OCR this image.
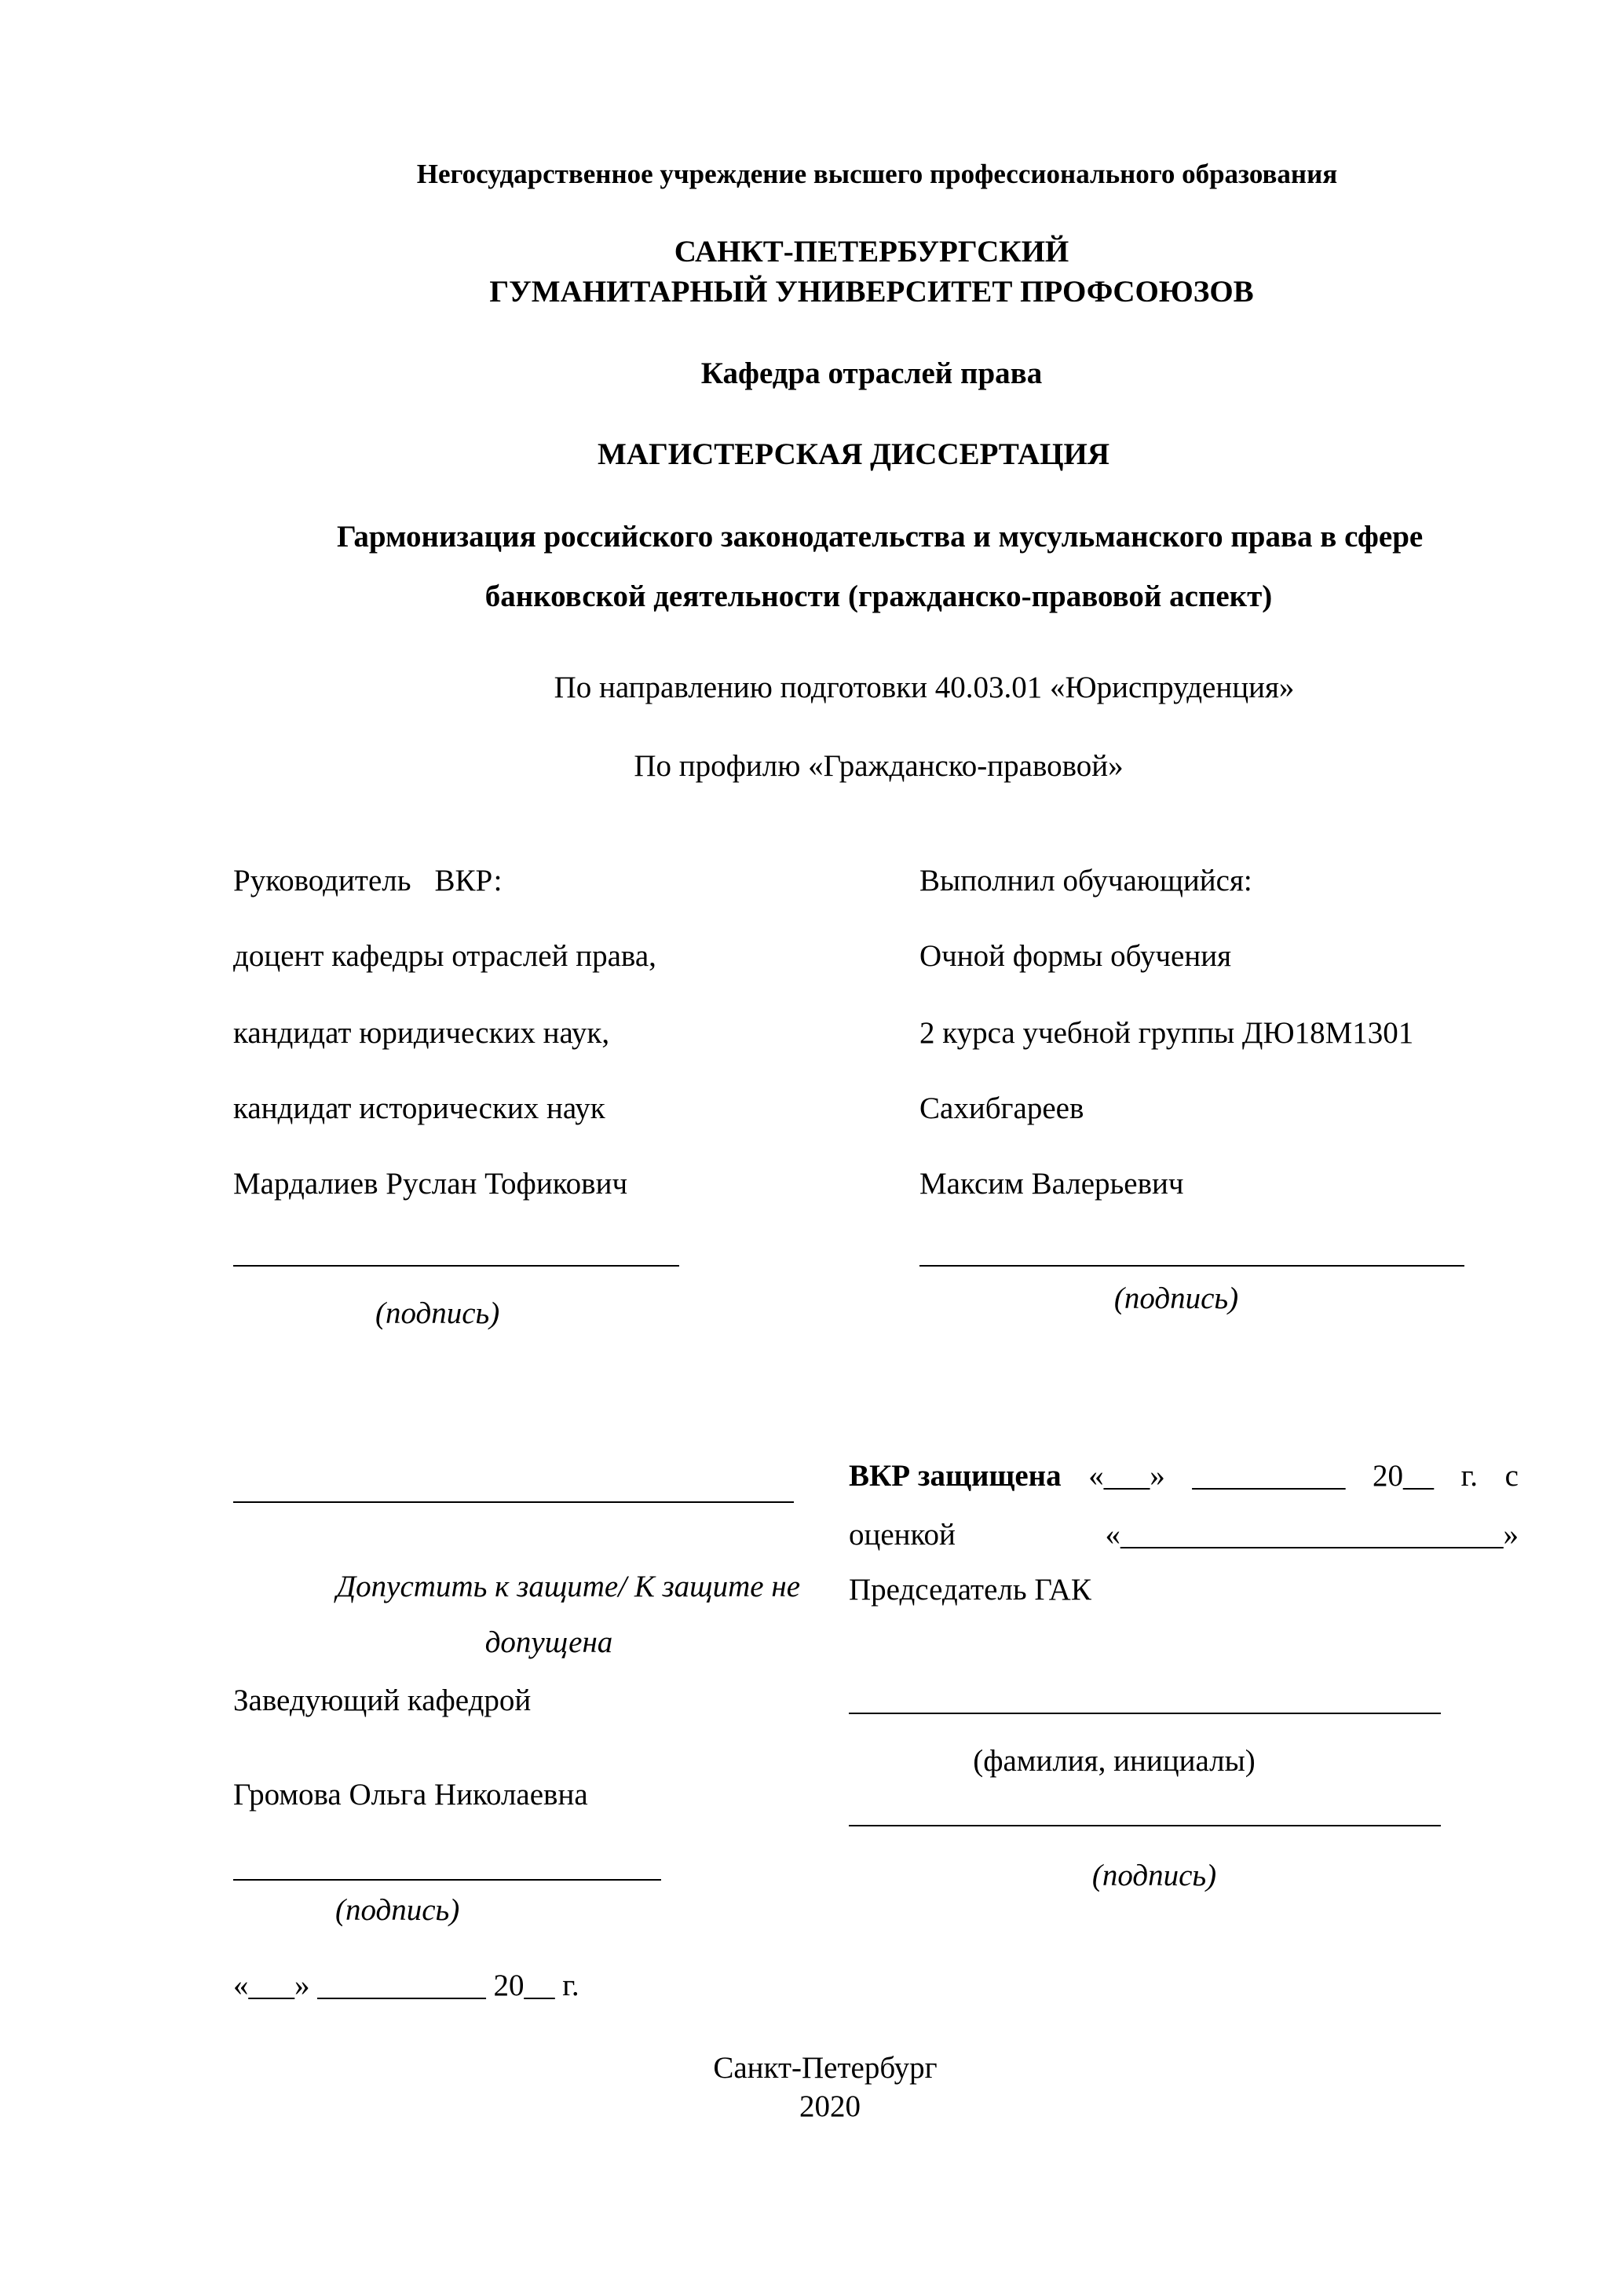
Негосударственное учреждение высшего профессионального образования
САНКТ-ПЕТЕРБУРГСКИЙ
ГУМАНИТАРНЫЙ УНИВЕРСИТЕТ ПРОФСОЮЗОВ
Кафедра отраслей права
МАГИСТЕРСКАЯ ДИССЕРТАЦИЯ
Гармонизация российского законодательства и мусульманского права в сфере
банковской деятельности (гражданско-правовой аспект)
По направлению подготовки 40.03.01 «Юриспруденция»
По профилю «Гражданско-правовой»
Руководитель ВКР:
доцент кафедры отраслей права,
кандидат юридических наук,
кандидат исторических наук
Мардалиев Руслан Тофикович
(подпись)
Выполнил обучающийся:
Очной формы обучения
2 курса учебной группы ДЮ18М1301
Сахибгареев
Максим Валерьевич
(подпись)
Допустить к защите/ К защите не
допущена
Заведующий кафедрой
Громова Ольга Николаевна
(подпись)
«___» ___________ 20__ г.
ВКР защищена «___» __________ 20__ г. с
оценкой	«_________________________»
Председатель ГАК
(фамилия, инициалы)
(подпись)
Санкт-Петербург
2020
